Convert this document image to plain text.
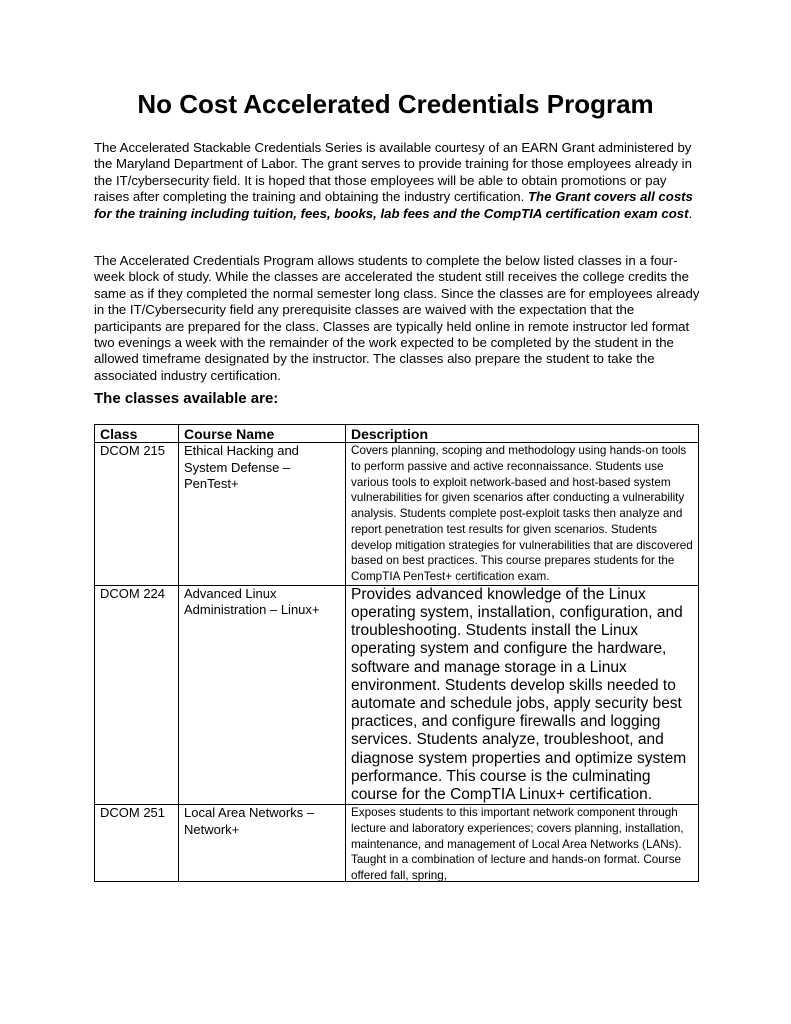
No Cost Accelerated Credentials Program
The Accelerated Stackable Credentials Series is available courtesy of an EARN Grant administered by the Maryland Department of Labor. The grant serves to provide training for those employees already in the IT/cybersecurity field. It is hoped that those employees will be able to obtain promotions or pay raises after completing the training and obtaining the industry certification. The Grant covers all costs for the training including tuition, fees, books, lab fees and the CompTIA certification exam cost.
The Accelerated Credentials Program allows students to complete the below listed classes in a four-week block of study. While the classes are accelerated the student still receives the college credits the same as if they completed the normal semester long class. Since the classes are for employees already in the IT/Cybersecurity field any prerequisite classes are waived with the expectation that the participants are prepared for the class. Classes are typically held online in remote instructor led format two evenings a week with the remainder of the work expected to be completed by the student in the allowed timeframe designated by the instructor. The classes also prepare the student to take the associated industry certification.
The classes available are:
Class	Course Name	Description
DCOM 215	Ethical Hacking and System Defense – PenTest+	Covers planning, scoping and methodology using hands-on tools to perform passive and active reconnaissance. Students use various tools to exploit network-based and host-based system vulnerabilities for given scenarios after conducting a vulnerability analysis. Students complete post-exploit tasks then analyze and report penetration test results for given scenarios. Students develop mitigation strategies for vulnerabilities that are discovered based on best practices. This course prepares students for the CompTIA PenTest+ certification exam.
DCOM 224	Advanced Linux Administration – Linux+	Provides advanced knowledge of the Linux operating system, installation, configuration, and troubleshooting. Students install the Linux operating system and configure the hardware, software and manage storage in a Linux environment. Students develop skills needed to automate and schedule jobs, apply security best practices, and configure firewalls and logging services. Students analyze, troubleshoot, and diagnose system properties and optimize system performance. This course is the culminating course for the CompTIA Linux+ certification.
DCOM 251	Local Area Networks – Network+	Exposes students to this important network component through lecture and laboratory experiences; covers planning, installation, maintenance, and management of Local Area Networks (LANs). Taught in a combination of lecture and hands-on format. Course offered fall, spring,
